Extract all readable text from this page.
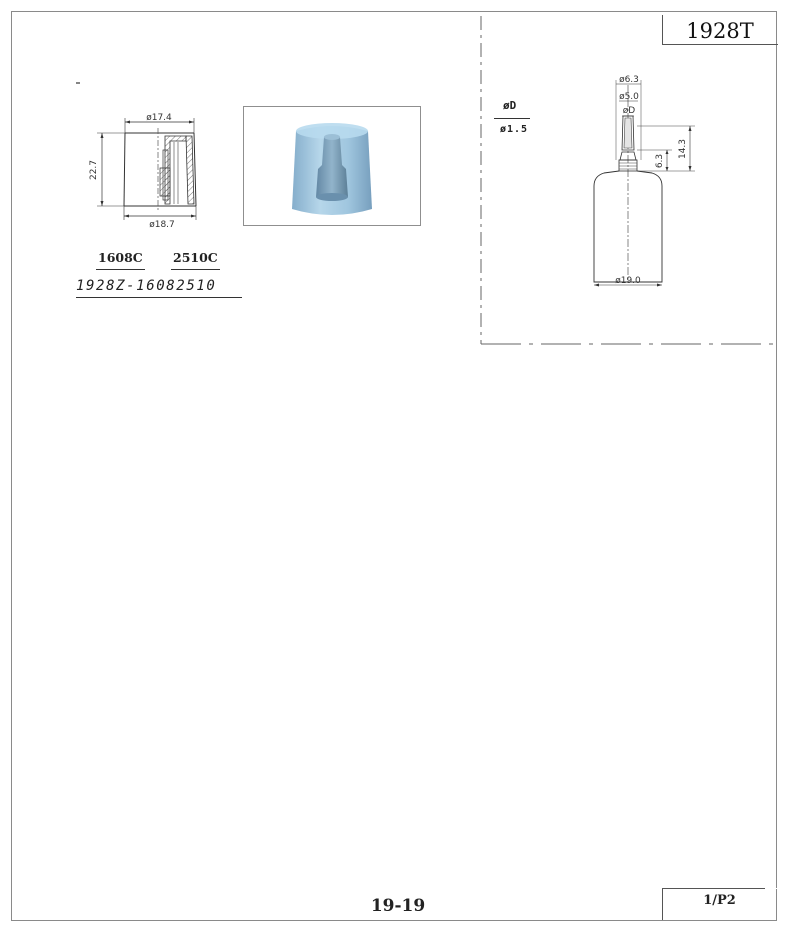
1928T
ø17.4
ø18.7
22.7
1608C 2510C
1928Z-16082510
øD
ø1.5
ø6.3
ø5.0
øD
14.3
6.3
ø19.0
19-19	1/P2
